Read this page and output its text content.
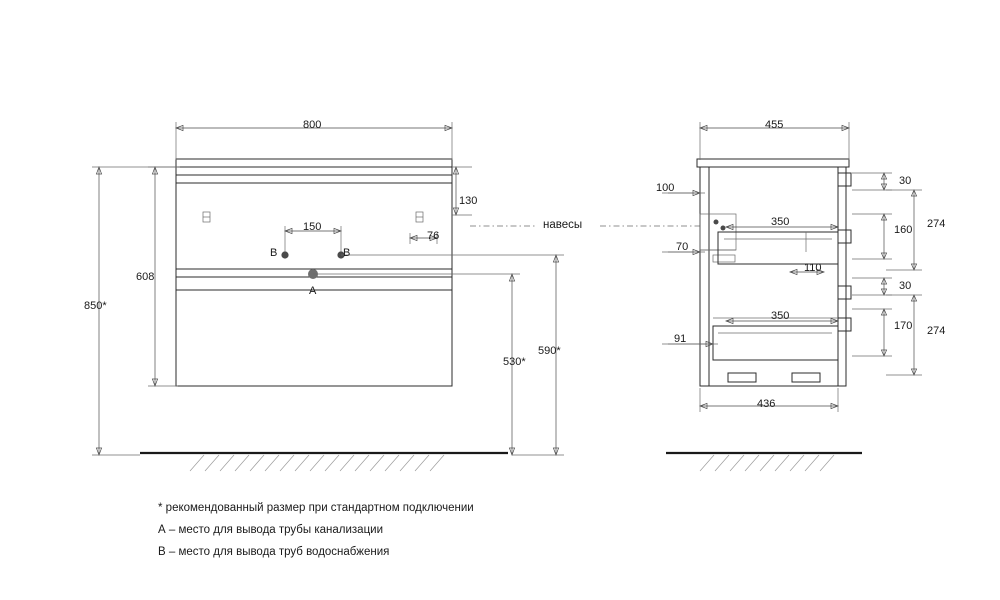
800
130
150
76
608
850*
530*
590*
B	B
A
навесы
455
100
70
91
350
110
350
436
30
160 274
30
170 274
* рекомендованный размер при стандартном подключении
А – место для вывода трубы канализации
В – место для вывода труб водоснабжения
